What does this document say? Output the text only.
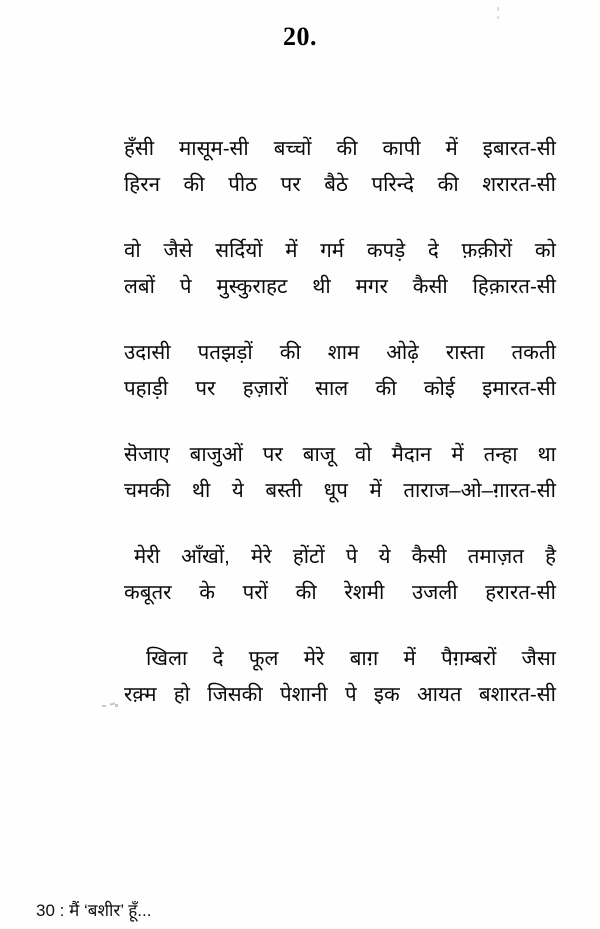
20.
हँसी मासूम-सी बच्चों की कापी में इबारत-सी
हिरन की पीठ पर बैठे परिन्दे की शरारत-सी
वो जैसे सर्दियों में गर्म कपड़े दे फ़क़ीरों को
लबों पे मुस्कुराहट थी मगर कैसी हिक़ारत-सी
उदासी पतझड़ों की शाम ओढ़े रास्ता तकती
पहाड़ी पर हज़ारों साल की कोई इमारत-सी
सॆजाए बाजुओं पर बाजू वो मैदान में तन्हा था
चमकी थी ये बस्ती धूप में ताराज–ओ–ग़ारत-सी
मेरी आँखों, मेरे होंटों पे ये कैसी तमाज़त है
कबूतर के परों की रेशमी उजली हरारत-सी
खिला दे फूल मेरे बाग़ में पैग़म्बरों जैसा
रक़्म हो जिसकी पेशानी पे इक आयत बशारत-सी
30 : मैं ‘बशीर’ हूँ...
